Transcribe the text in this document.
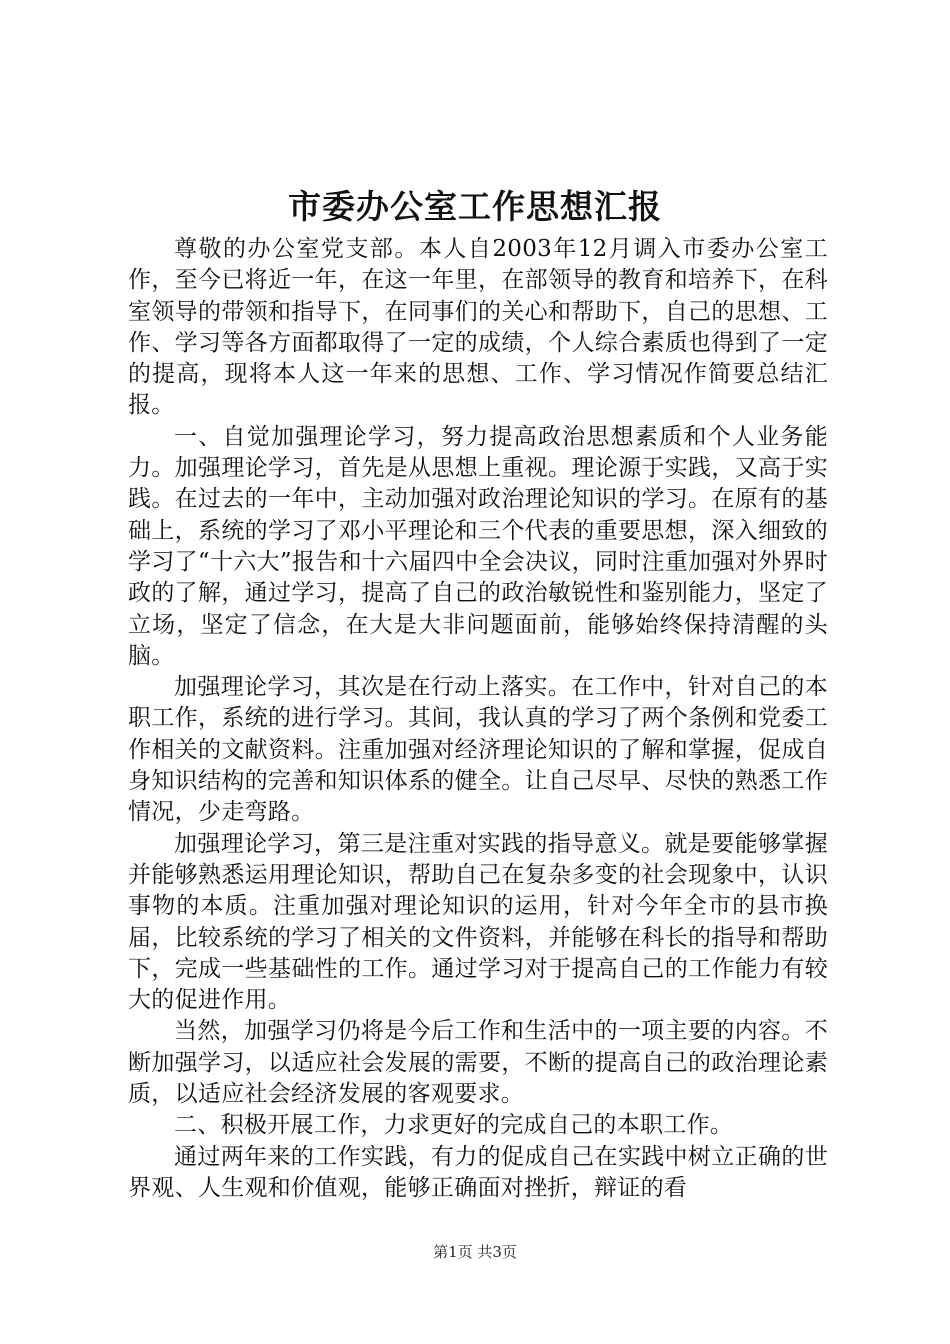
市委办公室工作思想汇报

尊敬的办公室党支部。本人自2003年12月调入市委办公室工作，至今已将近一年，在这一年里，在部领导的教育和培养下，在科室领导的带领和指导下，在同事们的关心和帮助下，自己的思想、工作、学习等各方面都取得了一定的成绩，个人综合素质也得到了一定的提高，现将本人这一年来的思想、工作、学习情况作简要总结汇报。

一、自觉加强理论学习，努力提高政治思想素质和个人业务能力。加强理论学习，首先是从思想上重视。理论源于实践，又高于实践。在过去的一年中，主动加强对政治理论知识的学习。在原有的基础上，系统的学习了邓小平理论和三个代表的重要思想，深入细致的学习了“十六大”报告和十六届四中全会决议，同时注重加强对外界时政的了解，通过学习，提高了自己的政治敏锐性和鉴别能力，坚定了立场，坚定了信念，在大是大非问题面前，能够始终保持清醒的头脑。

加强理论学习，其次是在行动上落实。在工作中，针对自己的本职工作，系统的进行学习。其间，我认真的学习了两个条例和党委工作相关的文献资料。注重加强对经济理论知识的了解和掌握，促成自身知识结构的完善和知识体系的健全。让自己尽早、尽快的熟悉工作情况，少走弯路。

加强理论学习，第三是注重对实践的指导意义。就是要能够掌握并能够熟悉运用理论知识，帮助自己在复杂多变的社会现象中，认识事物的本质。注重加强对理论知识的运用，针对今年全市的县市换届，比较系统的学习了相关的文件资料，并能够在科长的指导和帮助下，完成一些基础性的工作。通过学习对于提高自己的工作能力有较大的促进作用。

当然，加强学习仍将是今后工作和生活中的一项主要的内容。不断加强学习，以适应社会发展的需要，不断的提高自己的政治理论素质，以适应社会经济发展的客观要求。

二、积极开展工作，力求更好的完成自己的本职工作。

通过两年来的工作实践，有力的促成自己在实践中树立正确的世界观、人生观和价值观，能够正确面对挫折，辩证的看

第1页 共3页
